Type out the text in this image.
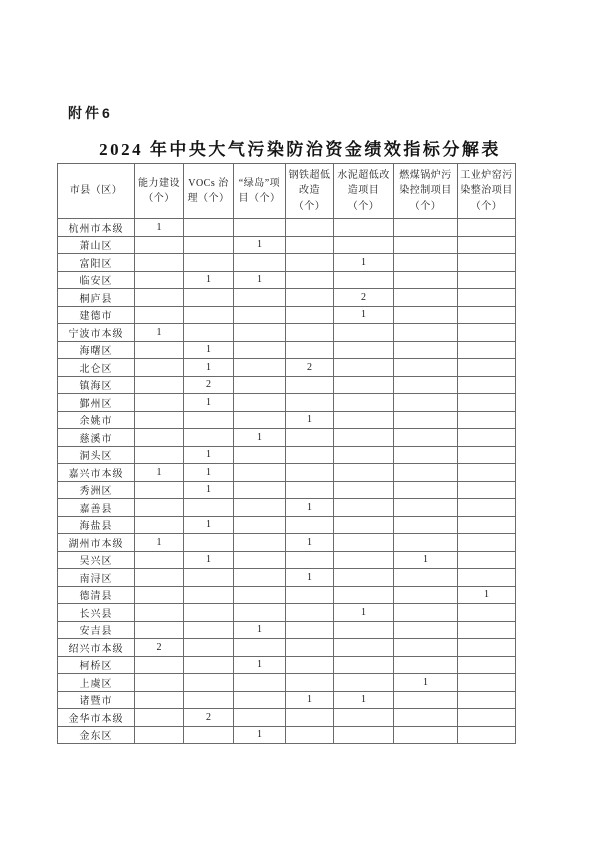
附件6
2024 年中央大气污染防治资金绩效指标分解表
市县（区）	能力建设（个）	VOCs 治理（个）	“绿岛”项目（个）	钢铁超低改造（个）	水泥超低改造项目（个）	燃煤锅炉污染控制项目（个）	工业炉窑污染整治项目（个）
杭州市本级	1						
萧山区			1				
富阳区					1		
临安区		1	1				
桐庐县					2		
建德市					1		
宁波市本级	1						
海曙区		1					
北仑区		1		2			
镇海区		2					
鄞州区		1					
余姚市				1			
慈溪市			1				
洞头区		1					
嘉兴市本级	1	1					
秀洲区		1					
嘉善县				1			
海盐县		1					
湖州市本级	1			1			
吴兴区		1				1	
南浔区				1			
德清县							1
长兴县					1		
安吉县			1				
绍兴市本级	2						
柯桥区			1				
上虞区						1	
诸暨市				1	1		
金华市本级		2					
金东区			1				
